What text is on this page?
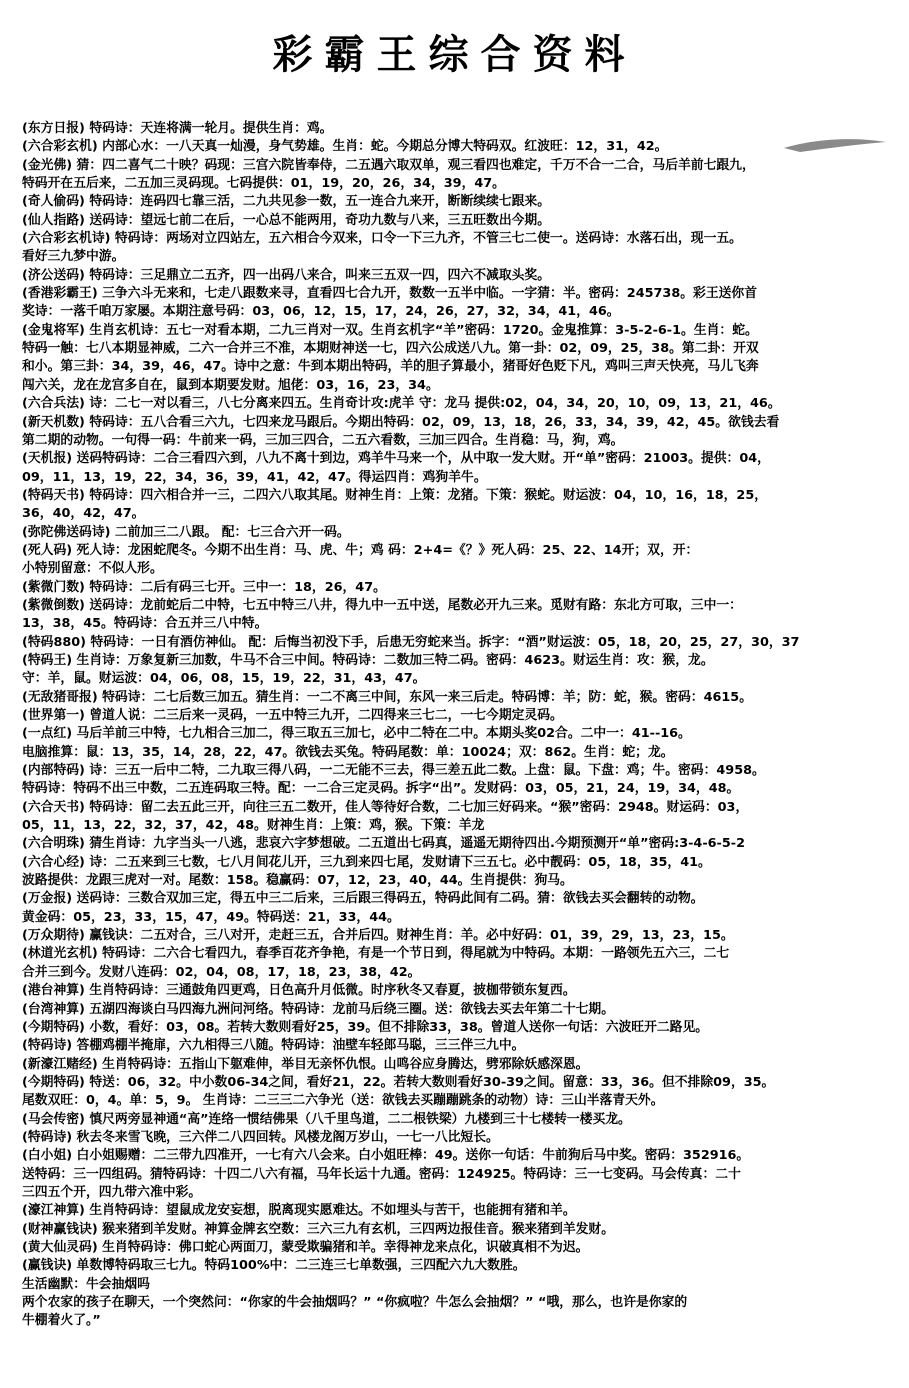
彩霸王综合资料
(东方日报) 特码诗：天连将满一轮月。提供生肖：鸡。
(六合彩玄机) 内部心水：一八天真一灿漫，身气势雄。生肖：蛇。今期总分博大特码双。红波旺：12，31，42。
(金光佛) 猜：四二喜气二十映？码现：三宫六院皆奉侍，二五遇六取双单，观三看四也难定，千万不合一二合，马后羊前七跟九，
特码开在五后来，二五加三灵码现。七码提供：01，19，20，26，34，39，47。
(奇人偷码) 特码诗：连码四七靠三活，二九共见参一数，五一连合九来开，断断续续七跟来。
(仙人指路) 送码诗：望远七前二在后，一心总不能两用，奇功九数与八来，三五旺数出今期。
(六合彩玄机诗) 特码诗：两场对立四站左，五六相合今双来，口令一下三九齐，不管三七二使一。送码诗：水落石出，现一五。
看好三九梦中游。
(济公送码) 特码诗：三足鼎立二五齐，四一出码八来合，叫来三五双一四，四六不减取头奖。
(香港彩霸王) 三争六斗无来和，七走八跟数来寻，直看四七合九开，数数一五半中临。一字猜：半。密码：245738。彩王送你首
奖诗：一落千咱万家屡。本期注意号码：03，06，12，15，17，24，26，27，32，34，41，46。
(金鬼将军) 生肖玄机诗：五七一对看本期，二九三肖对一双。生肖玄机字“羊”密码：1720。金鬼推算：3-5-2-6-1。生肖：蛇。
特码一触：七八本期显神威，二六一合并三不准，本期财神送一七，四六公成送八九。第一卦：02，09，25，38。第二卦：开双
和小。第三卦：34，39，46，47。诗中之意：牛到本期出特码，羊的胆子算最小，猪哥好色贬下凡，鸡叫三声天快亮，马儿飞奔
闯六关，龙在龙宫多自在，鼠到本期要发财。旭佬：03，16，23，34。
(六合兵法) 诗：二七一对以看三，八七分离来四五。生肖奇计攻:虎羊 守：龙马 提供:02，04，34，20，10，09，13，21，46。
(新天机数) 特码诗：五八合看三六九，七四来龙马跟后。今期出特码：02，09，13，18，26，33，34，39，42，45。欲钱去看
第二期的动物。一句得一码：牛前来一码，三加三四合，二五六看数，三加三四合。生肖稳：马，狗，鸡。
(天机报) 送码特码诗：二合三看四六到，八九不离十到边，鸡羊牛马来一个，从中取一发大财。开“单”密码：21003。提供：04，
09，11，13，19，22，34，36，39，41，42，47。得运四肖：鸡狗羊牛。
(特码天书) 特码诗：四六相合并一三，二四六八取其尾。财神生肖：上策：龙猪。下策：猴蛇。财运波：04，10，16，18，25，
36，40，42，47。
(弥陀佛送码诗) 二前加三二八跟。 配：七三合六开一码。
(死人码) 死人诗：龙困蛇爬冬。今期不出生肖：马、虎、牛；鸡 码：2+4=《？》死人码：25、22、14开；双，开：
小特别留意：不似人形。
(紫微门数) 特码诗：二后有码三七开。三中一：18，26，47。
(紫微倒数) 送码诗：龙前蛇后二中特，七五中特三八井，得九中一五中送，尾数必开九三来。觅财有路：东北方可取，三中一：
13，38，45。特码诗：合五并三八中特。
(特码880) 特码诗：一日有酒仿神仙。 配：后悔当初没下手，后患无穷蛇来当。拆字：“酒”财运波：05，18，20，25，27，30，37
(特码王) 生肖诗：万象复新三加数，牛马不合三中间。特码诗：二数加三特二码。密码：4623。财运生肖：攻：猴，龙。
守：羊，鼠。财运波：04，06，08，15，19，22，31，43，47。
(无敌猪哥报) 特码诗：二七后数三加五。猜生肖：一二不离三中间，东风一来三后走。特码博：羊；防：蛇，猴。密码：4615。
(世界第一) 曾道人说：二三后来一灵码，一五中特三九开，二四得来三七二，一七今期定灵码。
(一点红) 马后羊前三中特，七九相合三加二，得三取五三加七，必中二特在二中。本期头奖02合。二中一：41--16。
电脑推算：鼠：13，35，14，28，22，47。欲钱去买兔。特码尾数：单：10024；双：862。生肖：蛇；龙。
(内部特码) 诗：三五一后中二特，二九取三得八码，一二无能不三去，得三差五此二数。上盘：鼠。下盘：鸡；牛。密码：4958。
特码诗：特码不出三中数，二五连码取三特。配：一二合三定灵码。拆字“出”。发财码：03，05，21，24，19，34，48。
(六合天书) 特码诗：留二去五此三开，向往三五二数开，佳人等待好合数，二七加三好码来。“猴”密码：2948。财运码：03，
05，11，13，22，32，37，42，48。财神生肖：上策：鸡，猴。下策：羊龙
(六合明珠) 猜生肖诗：九字当头一八逃，悲哀六字梦想破。二五道出七码真，遥遥无期待四出.今期预测开“单”密码:3-4-6-5-2
(六合心经) 诗：二五来到三七数，七八月间花儿开，三九到来四七尾，发财请下三五七。必中靓码：05，18，35，41。
波路提供：龙跟三虎对一对。尾数：158。稳赢码：07，12，23，40，44。生肖提供：狗马。
(万金报) 送码诗：三数合双加三定，得五中三二后来，三后跟三得码五，特码此间有二码。猜：欲钱去买会翻转的动物。
黄金码：05，23，33，15，47，49。特码送：21，33，44。
(万众期待) 赢钱诀：二五对合，三八对开，走赶三五，合并后四。财神生肖：羊。必中好码：01，39，29，13，23，15。
(林道光玄机) 特码诗：二六合七看四九，春季百花齐争艳，有是一个节日到，得尾就为中特码。本期：一路领先五六三，二七
合并三到今。发财八连码：02，04，08，17，18，23，38，42。
(港台神算) 生肖特码诗：三通鼓角四更鸡，日色高升月低微。时序秋冬又春夏，披枷带锁东复西。
(台湾神算) 五湖四海谈白马四海九洲问河络。特码诗：龙前马后绕三圈。送：欲钱去买去年第二十七期。
(今期特码) 小数，看好：03，08。若转大数则看好25，39。但不排除33，38。曾道人送你一句话：六波旺开二路见。
(特码诗) 答棚鸡棚半掩扉，六九相得三八随。特码诗：油壁车轻郎马聪，三三伴三九中。
(新濠江赌经) 生肖特码诗：五指山下躯难伸，举目无亲怀仇恨。山鸣谷应身腾达，劈邪除妖感深恩。
(今期特码) 特送：06，32。中小数06-34之间，看好21，22。若转大数则看好30-39之间。留意：33，36。但不排除09，35。
尾数双旺：0，4。单：5，9。 生肖诗：二三三二六争光（送：欲钱去买蹦蹦跳条的动物）诗：三山半落青天外。
(马会传密) 慎尺两旁显神通“高”连络一惯结佛果（八千里鸟道，二二根铁梁）九楼到三十七楼转一楼买龙。
(特码诗) 秋去冬来雪飞晚，三六伴二八四回转。风楼龙阁万岁山，一七一八比短长。
(白小姐) 白小姐赐赠：二三带九四准开，一七有六八会来。白小姐旺棒：49。送你一句话：牛前狗后马中奖。密码：352916。
送特码：三一四组码。猜特码诗：十四二八六有福，马年长运十九通。密码：124925。特码诗：三一七变码。马会传真：二十
三四五个开，四九带六准中彩。
(濠江神算) 生肖特码诗：望鼠成龙安妄想，脱离现实愿难达。不如埋头与苦干，也能拥有猪和羊。
(财神赢钱诀) 猴来猪到羊发财。神算金牌玄空数：三六三九有玄机，三四两边报佳音。猴来猪到羊发财。
(黄大仙灵码) 生肖特码诗：佛口蛇心两面刀，蒙受欺骗猪和羊。幸得神龙来点化，识破真相不为迟。
(赢钱诀) 单数博特码取三七九。特码100%中：二三连三七单数强，三四配六九大数胜。
生活幽默：牛会抽烟吗
两个农家的孩子在聊天，一个突然问：“你家的牛会抽烟吗？” “你疯啦？牛怎么会抽烟？” “哦，那么，也许是你家的
牛棚着火了。”
